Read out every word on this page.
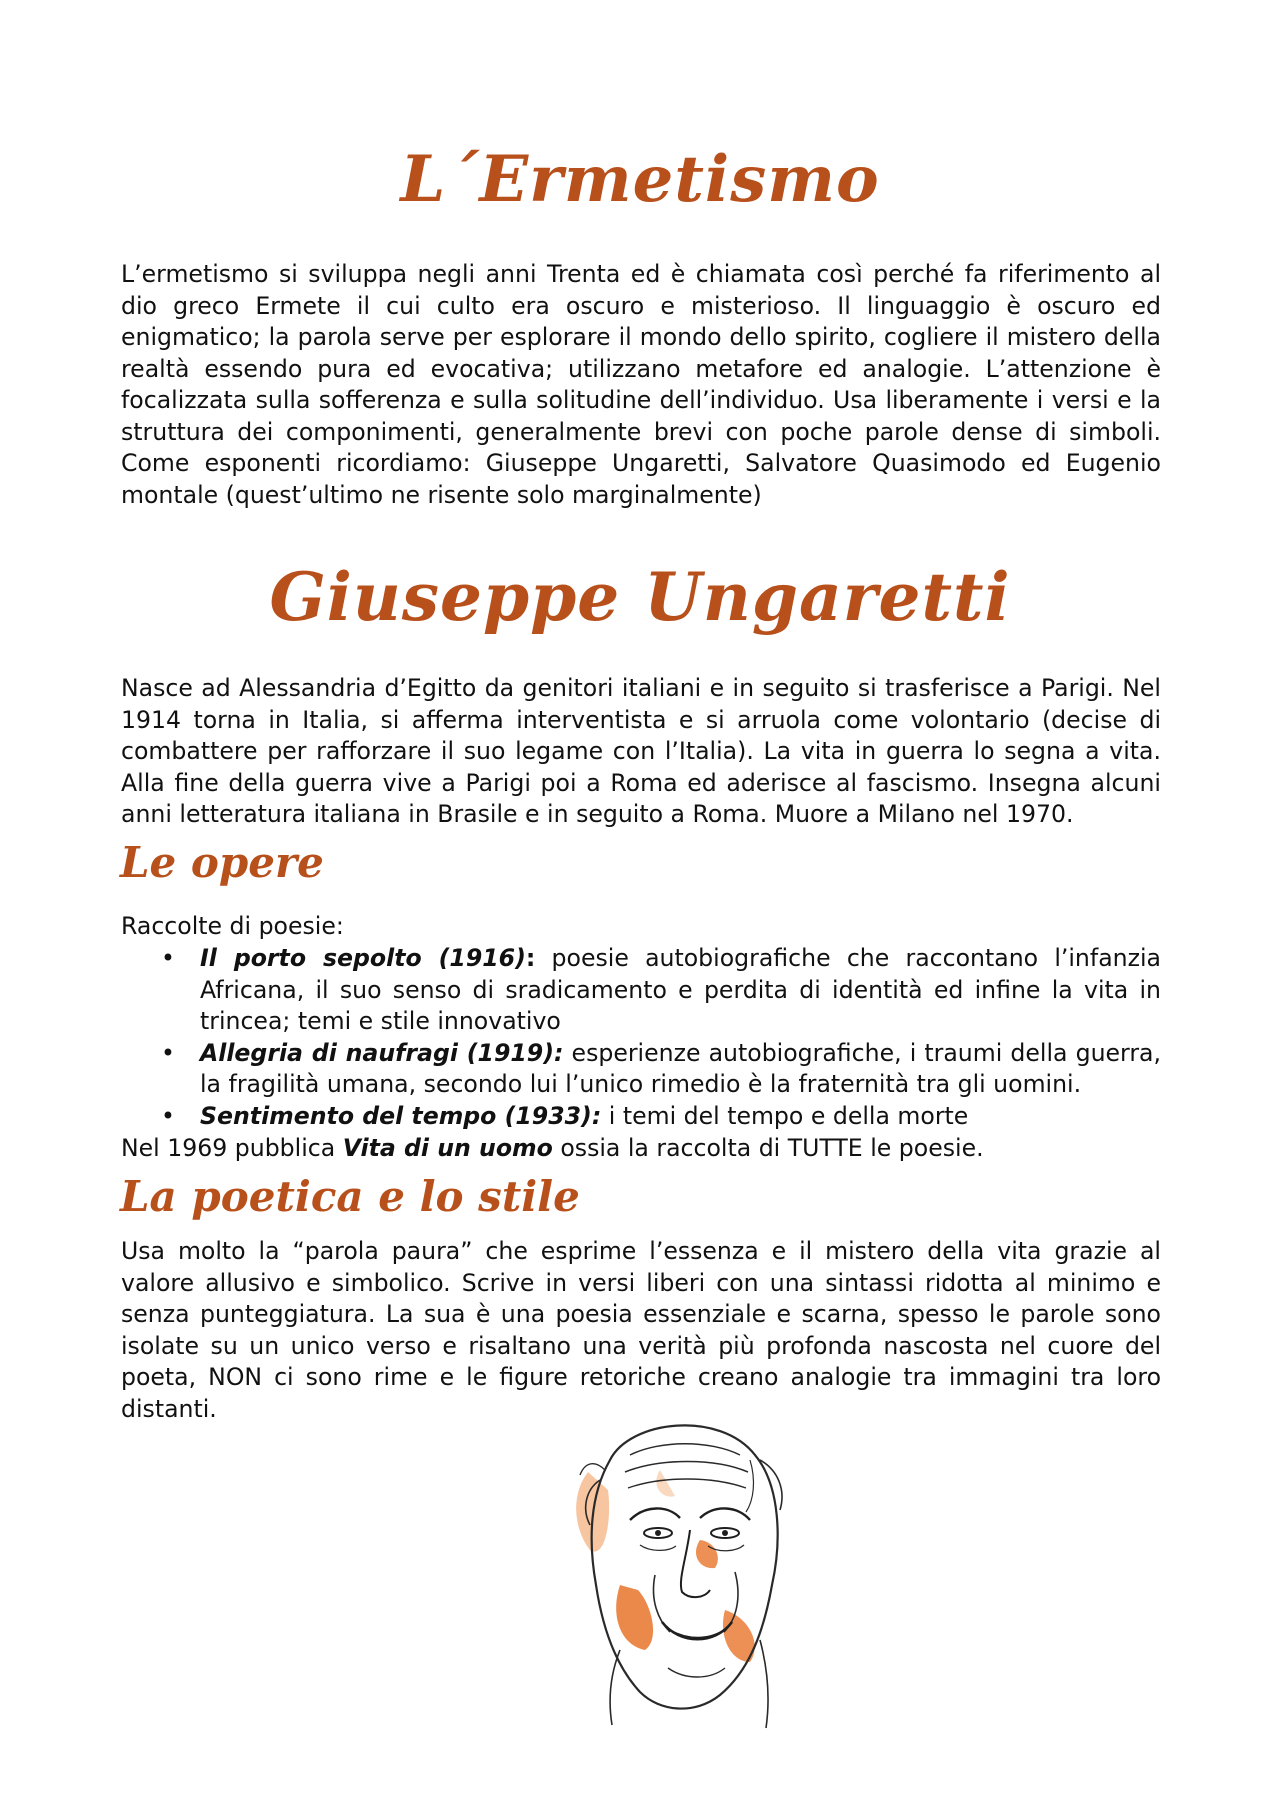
L´Ermetismo

L’ermetismo si sviluppa negli anni Trenta ed è chiamata così perché fa riferimento al dio greco Ermete il cui culto era oscuro e misterioso. Il linguaggio è oscuro ed enigmatico; la parola serve per esplorare il mondo dello spirito, cogliere il mistero della realtà essendo pura ed evocativa; utilizzano metafore ed analogie. L’attenzione è focalizzata sulla sofferenza e sulla solitudine dell’individuo. Usa liberamente i versi e la struttura dei componimenti, generalmente brevi con poche parole dense di simboli. Come esponenti ricordiamo: Giuseppe Ungaretti, Salvatore Quasimodo ed Eugenio montale (quest’ultimo ne risente solo marginalmente)

Giuseppe Ungaretti

Nasce ad Alessandria d’Egitto da genitori italiani e in seguito si trasferisce a Parigi. Nel 1914 torna in Italia, si afferma interventista e si arruola come volontario (decise di combattere per rafforzare il suo legame con l’Italia). La vita in guerra lo segna a vita. Alla fine della guerra vive a Parigi poi a Roma ed aderisce al fascismo. Insegna alcuni anni letteratura italiana in Brasile e in seguito a Roma. Muore a Milano nel 1970.

Le opere

Raccolte di poesie:

• Il porto sepolto (1916): poesie autobiografiche che raccontano l’infanzia Africana, il suo senso di sradicamento e perdita di identità ed infine la vita in trincea; temi e stile innovativo
• Allegria di naufragi (1919): esperienze autobiografiche, i traumi della guerra, la fragilità umana, secondo lui l’unico rimedio è la fraternità tra gli uomini.
• Sentimento del tempo (1933): i temi del tempo e della morte

Nel 1969 pubblica Vita di un uomo ossia la raccolta di TUTTE le poesie.

La poetica e lo stile

Usa molto la “parola paura” che esprime l’essenza e il mistero della vita grazie al valore allusivo e simbolico. Scrive in versi liberi con una sintassi ridotta al minimo e senza punteggiatura. La sua è una poesia essenziale e scarna, spesso le parole sono isolate su un unico verso e risaltano una verità più profonda nascosta nel cuore del poeta, NON ci sono rime e le figure retoriche creano analogie tra immagini tra loro distanti.
